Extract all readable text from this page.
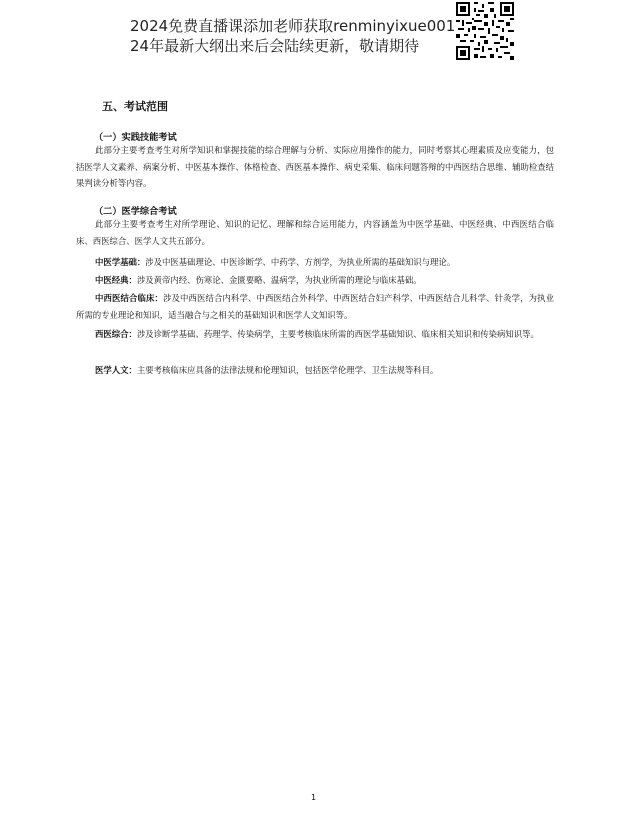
2024免费直播课添加老师获取renminyixue001
24年最新大纲出来后会陆续更新，敬请期待
五、考试范围
（一）实践技能考试

此部分主要考查考生对所学知识和掌握技能的综合理解与分析、实际应用操作的能力，同时考察其心理素质及应变能力，包括医学人文素养、病案分析、中医基本操作、体格检查、西医基本操作、病史采集、临床问题答辩的中西医结合思维、辅助检查结果判读分析等内容。

（二）医学综合考试

此部分主要考查考生对所学理论、知识的记忆、理解和综合运用能力，内容涵盖为中医学基础、中医经典、中西医结合临床、西医综合、医学人文共五部分。

中医学基础：涉及中医基础理论、中医诊断学、中药学、方剂学，为执业所需的基础知识与理论。

中医经典：涉及黄帝内经、伤寒论、金匮要略、温病学，为执业所需的理论与临床基础。

中西医结合临床：涉及中西医结合内科学、中西医结合外科学、中西医结合妇产科学、中西医结合儿科学、针灸学，为执业所需的专业理论和知识，适当融合与之相关的基础知识和医学人文知识等。

西医综合：涉及诊断学基础、药理学、传染病学，主要考核临床所需的西医学基础知识、临床相关知识和传染病知识等。

医学人文：主要考核临床应具备的法律法规和伦理知识，包括医学伦理学、卫生法规等科目。

1
